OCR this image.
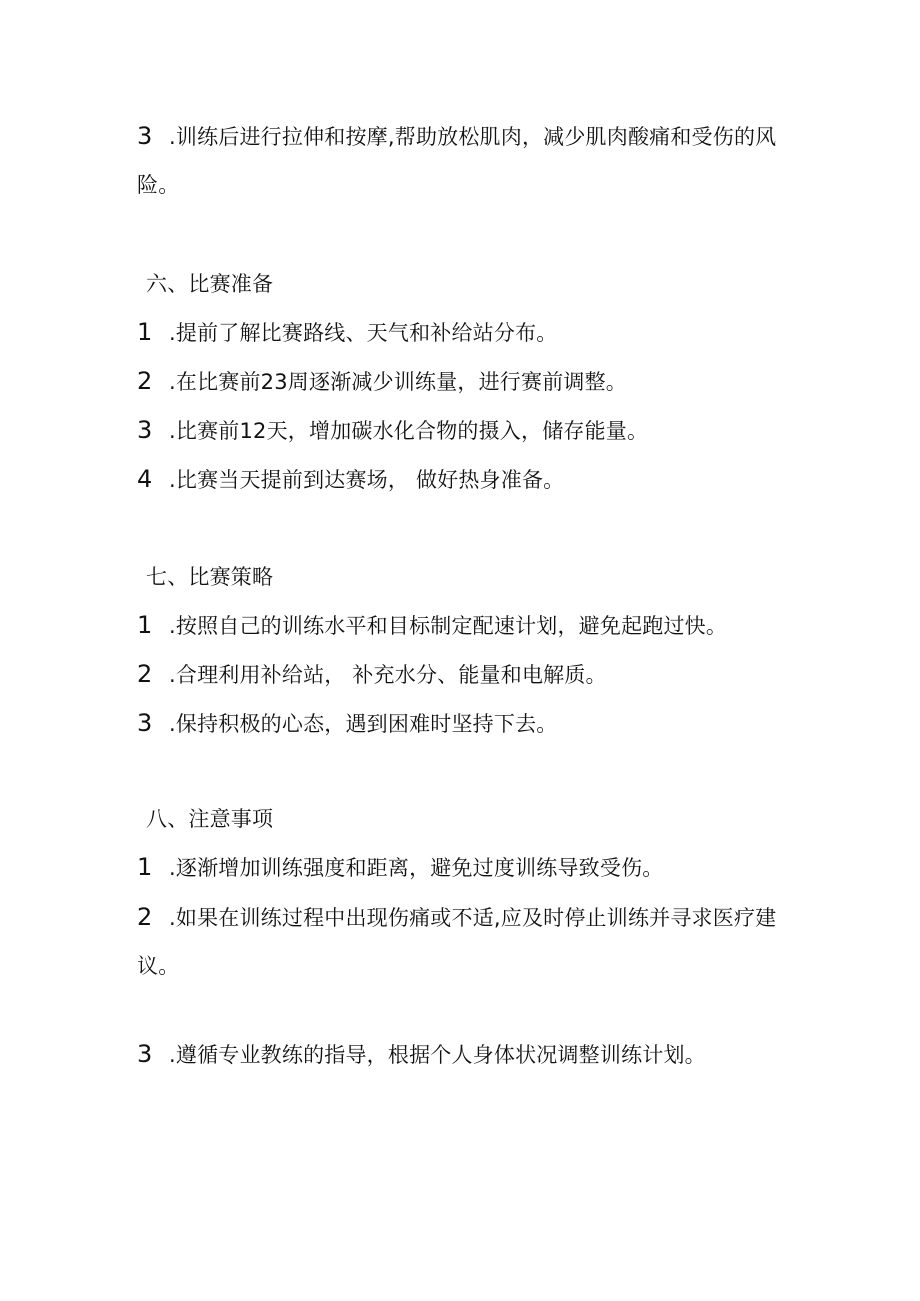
3 .训练后进行拉伸和按摩,帮助放松肌肉，减少肌肉酸痛和受伤的风
险。
六、比赛准备
1 .提前了解比赛路线、天气和补给站分布。
2 .在比赛前23周逐渐减少训练量，进行赛前调整。
3 .比赛前12天，增加碳水化合物的摄入，储存能量。
4 .比赛当天提前到达赛场， 做好热身准备。
七、比赛策略
1 .按照自己的训练水平和目标制定配速计划，避免起跑过快。
2 .合理利用补给站， 补充水分、能量和电解质。
3 .保持积极的心态，遇到困难时坚持下去。
八、注意事项
1 .逐渐增加训练强度和距离，避免过度训练导致受伤。
2 .如果在训练过程中出现伤痛或不适,应及时停止训练并寻求医疗建
议。
3 .遵循专业教练的指导，根据个人身体状况调整训练计划。
